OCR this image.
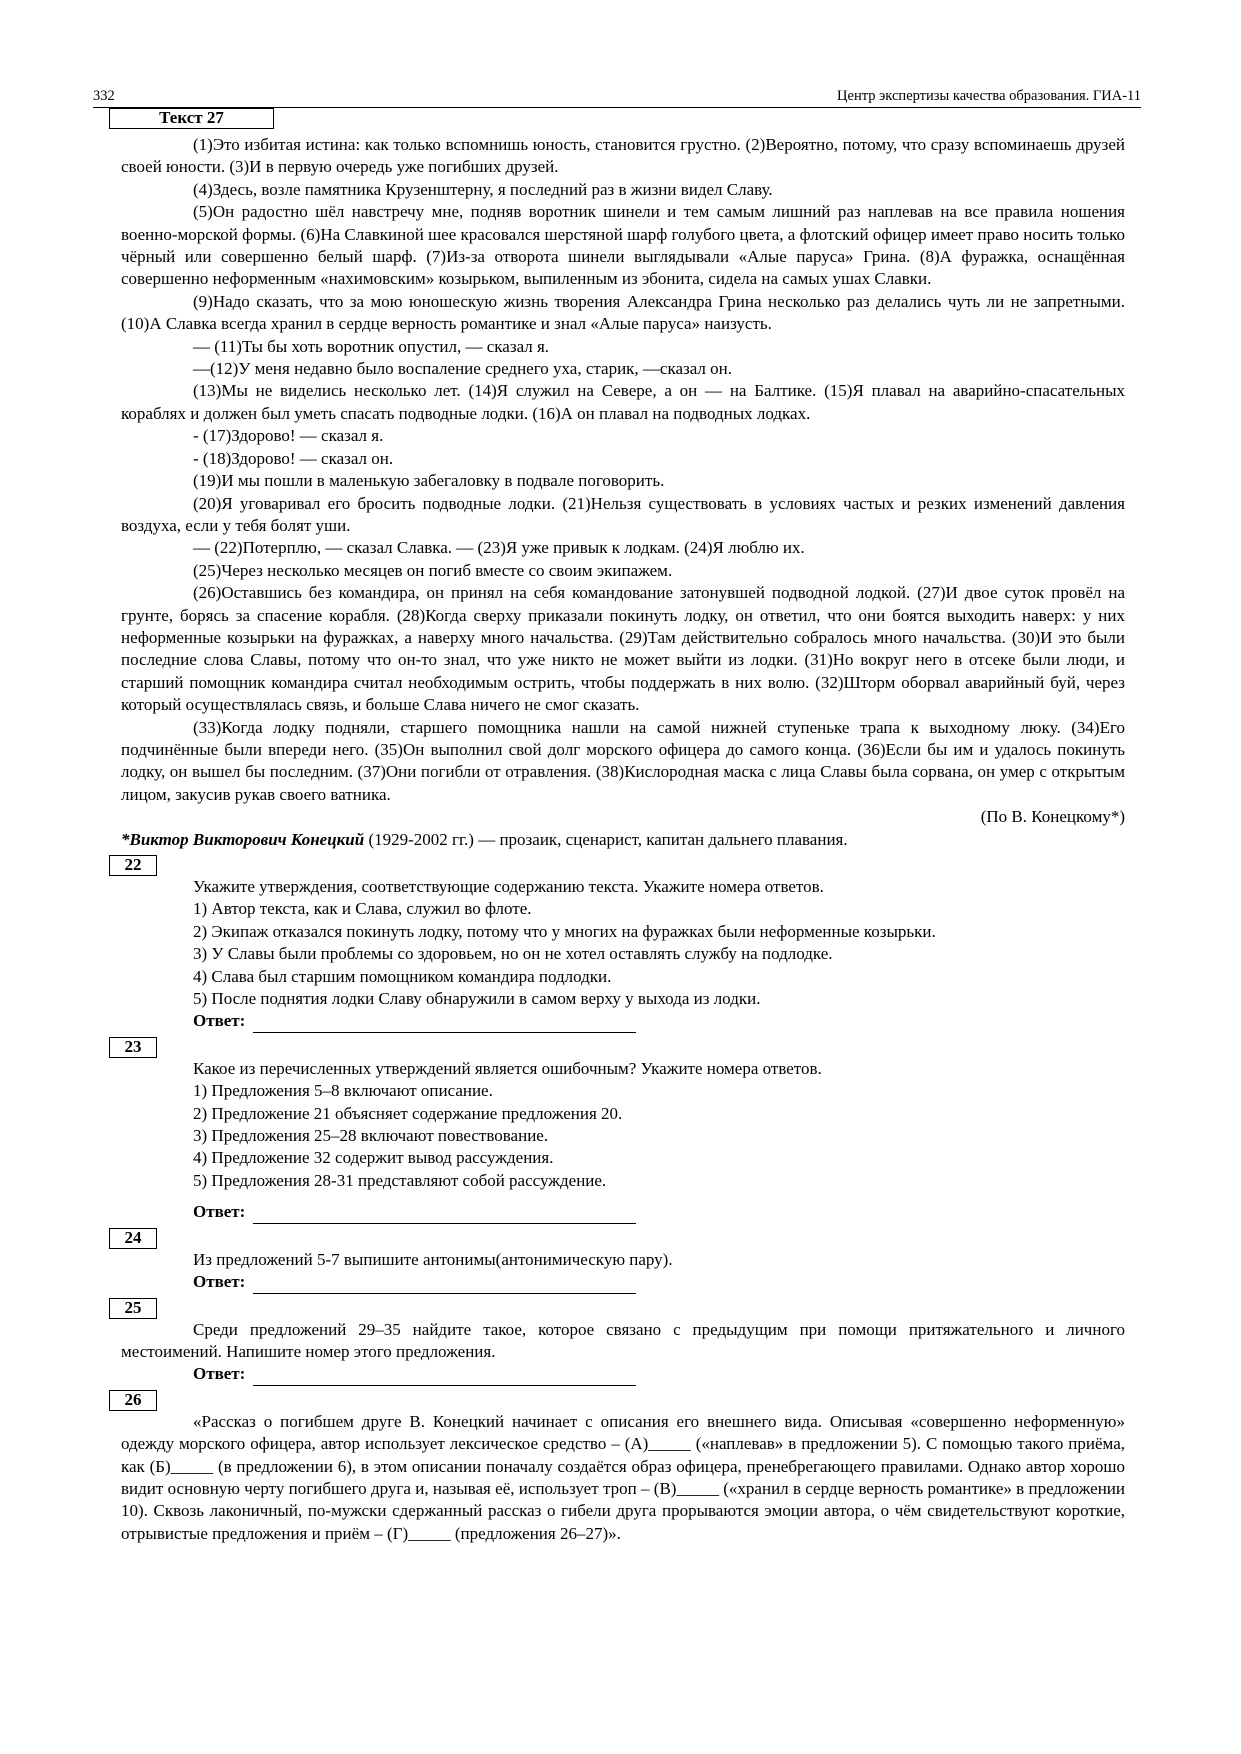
332	Центр экспертизы качества образования. ГИА-11
Текст 27

(1)Это избитая истина: как только вспомнишь юность, становится грустно. (2)Вероятно, потому, что сразу вспоминаешь друзей своей юности. (3)И в первую очередь уже погибших друзей.

(4)Здесь, возле памятника Крузенштерну, я последний раз в жизни видел Славу.

(5)Он радостно шёл навстречу мне, подняв воротник шинели и тем самым лишний раз наплевав на все правила ношения военно-морской формы. (6)На Славкиной шее красовался шерстяной шарф голубого цвета, а флотский офицер имеет право носить только чёрный или совершенно белый шарф. (7)Из-за отворота шинели выглядывали «Алые паруса» Грина. (8)А фуражка, оснащённая совершенно неформенным «нахимовским» козырьком, выпиленным из эбонита, сидела на самых ушах Славки.

(9)Надо сказать, что за мою юношескую жизнь творения Александра Грина несколько раз делались чуть ли не запретными. (10)А Славка всегда хранил в сердце верность романтике и знал «Алые паруса» наизусть.

— (11)Ты бы хоть воротник опустил, — сказал я.

—(12)У меня недавно было воспаление среднего уха, старик, —сказал он.

(13)Мы не виделись несколько лет. (14)Я служил на Севере, а он — на Балтике. (15)Я плавал на аварийно-спасательных кораблях и должен был уметь спасать подводные лодки. (16)А он плавал на подводных лодках.

- (17)Здорово! — сказал я.

- (18)Здорово! — сказал он.

(19)И мы пошли в маленькую забегаловку в подвале поговорить.

(20)Я уговаривал его бросить подводные лодки. (21)Нельзя существовать в условиях частых и резких изменений давления воздуха, если у тебя болят уши.

— (22)Потерплю, — сказал Славка. — (23)Я уже привык к лодкам. (24)Я люблю их.

(25)Через несколько месяцев он погиб вместе со своим экипажем.

(26)Оставшись без командира, он принял на себя командование затонувшей подводной лодкой. (27)И двое суток провёл на грунте, борясь за спасение корабля. (28)Когда сверху приказали покинуть лодку, он ответил, что они боятся выходить наверх: у них неформенные козырьки на фуражках, а наверху много начальства. (29)Там действительно собралось много начальства. (30)И это были последние слова Славы, потому что он-то знал, что уже никто не может выйти из лодки. (31)Но вокруг него в отсеке были люди, и старший помощник командира считал необходимым острить, чтобы поддержать в них волю. (32)Шторм оборвал аварийный буй, через который осуществлялась связь, и больше Слава ничего не смог сказать.

(33)Когда лодку подняли, старшего помощника нашли на самой нижней ступеньке трапа к выходному люку. (34)Его подчинённые были впереди него. (35)Он выполнил свой долг морского офицера до самого конца. (36)Если бы им и удалось покинуть лодку, он вышел бы последним. (37)Они погибли от отравления. (38)Кислородная маска с лица Славы была сорвана, он умер с открытым лицом, закусив рукав своего ватника.

(По В. Конецкому*)

*Виктор Викторович Конецкий (1929-2002 гг.) — прозаик, сценарист, капитан дальнего плавания.

22

Укажите утверждения, соответствующие содержанию текста. Укажите номера ответов.

1) Автор текста, как и Слава, служил во флоте.

2) Экипаж отказался покинуть лодку, потому что у многих на фуражках были неформенные козырьки.

3) У Славы были проблемы со здоровьем, но он не хотел оставлять службу на подлодке.

4) Слава был старшим помощником командира подлодки.

5) После поднятия лодки Славу обнаружили в самом верху у выхода из лодки.

Ответ:

23

Какое из перечисленных утверждений является ошибочным? Укажите номера ответов.

1) Предложения 5–8 включают описание.

2) Предложение 21 объясняет содержание предложения 20.

3) Предложения 25–28 включают повествование.

4) Предложение 32 содержит вывод рассуждения.

5) Предложения 28-31 представляют собой рассуждение.

Ответ:

24

Из предложений 5-7 выпишите антонимы(антонимическую пару).

Ответ:

25

Среди предложений 29–35 найдите такое, которое связано с предыдущим при помощи притяжательного и личного местоимений. Напишите номер этого предложения.

Ответ:

26

«Рассказ о погибшем друге В. Конецкий начинает с описания его внешнего вида. Описывая «совершенно неформенную» одежду морского офицера, автор использует лексическое средство – (А)_____ («наплевав» в предложении 5). С помощью такого приёма, как (Б)_____ (в предложении 6), в этом описании поначалу создаётся образ офицера, пренебрегающего правилами. Однако автор хорошо видит основную черту погибшего друга и, называя её, использует троп – (В)_____ («хранил в сердце верность романтике» в предложении 10). Сквозь лаконичный, по-мужски сдержанный рассказ о гибели друга прорываются эмоции автора, о чём свидетельствуют короткие, отрывистые предложения и приём – (Г)_____ (предложения 26–27)».
